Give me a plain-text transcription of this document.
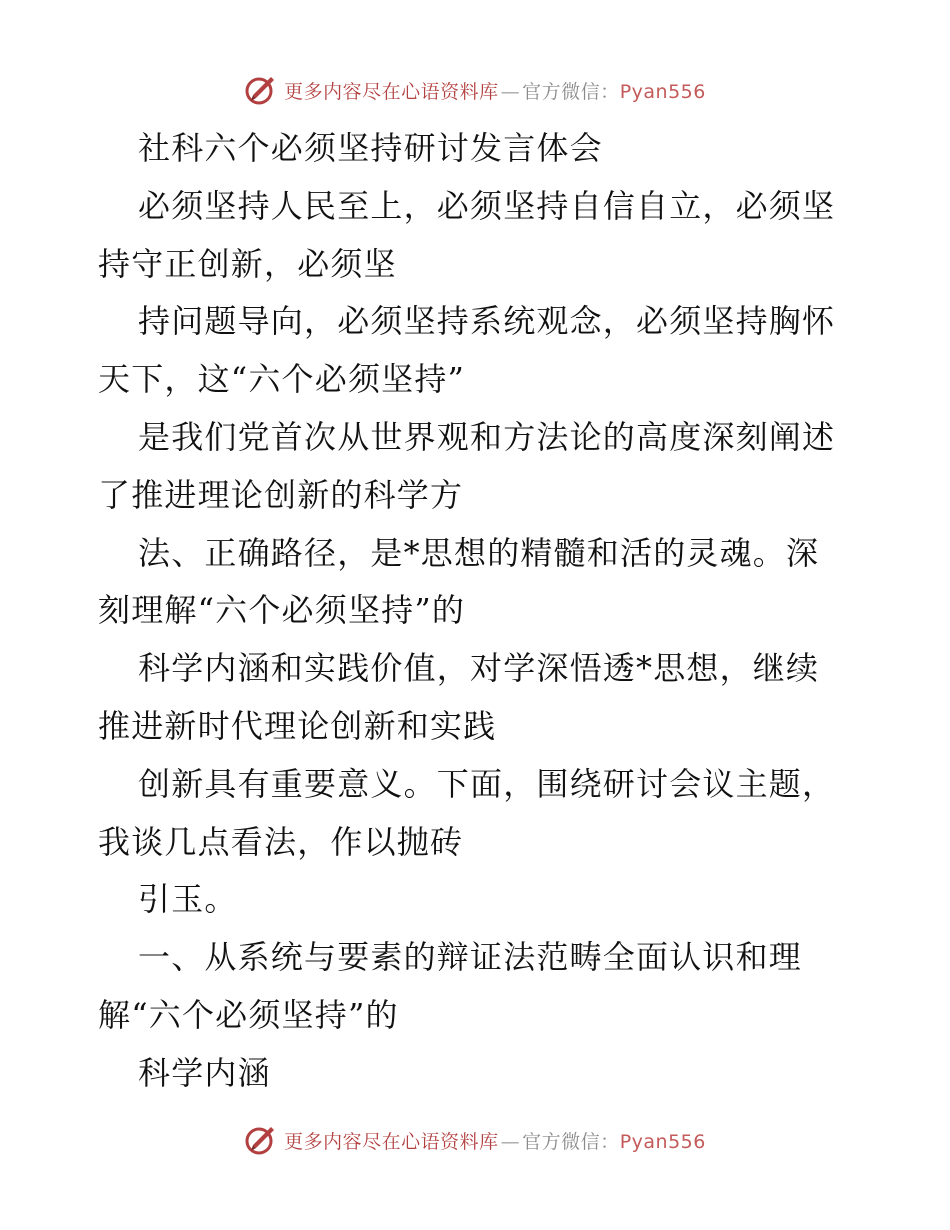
更多内容尽在心语资料库 — 官方微信：Pyan556
社科六个必须坚持研讨发言体会
必须坚持人民至上，必须坚持自信自立，必须坚
持守正创新，必须坚
持问题导向，必须坚持系统观念，必须坚持胸怀
天下，这“六个必须坚持”
是我们党首次从世界观和方法论的高度深刻阐述
了推进理论创新的科学方
法、正确路径，是*思想的精髓和活的灵魂。深
刻理解“六个必须坚持”的
科学内涵和实践价值，对学深悟透*思想，继续
推进新时代理论创新和实践
创新具有重要意义。下面，围绕研讨会议主题，
我谈几点看法，作以抛砖
引玉。
一、从系统与要素的辩证法范畴全面认识和理
解“六个必须坚持”的
科学内涵
更多内容尽在心语资料库 — 官方微信：Pyan556
